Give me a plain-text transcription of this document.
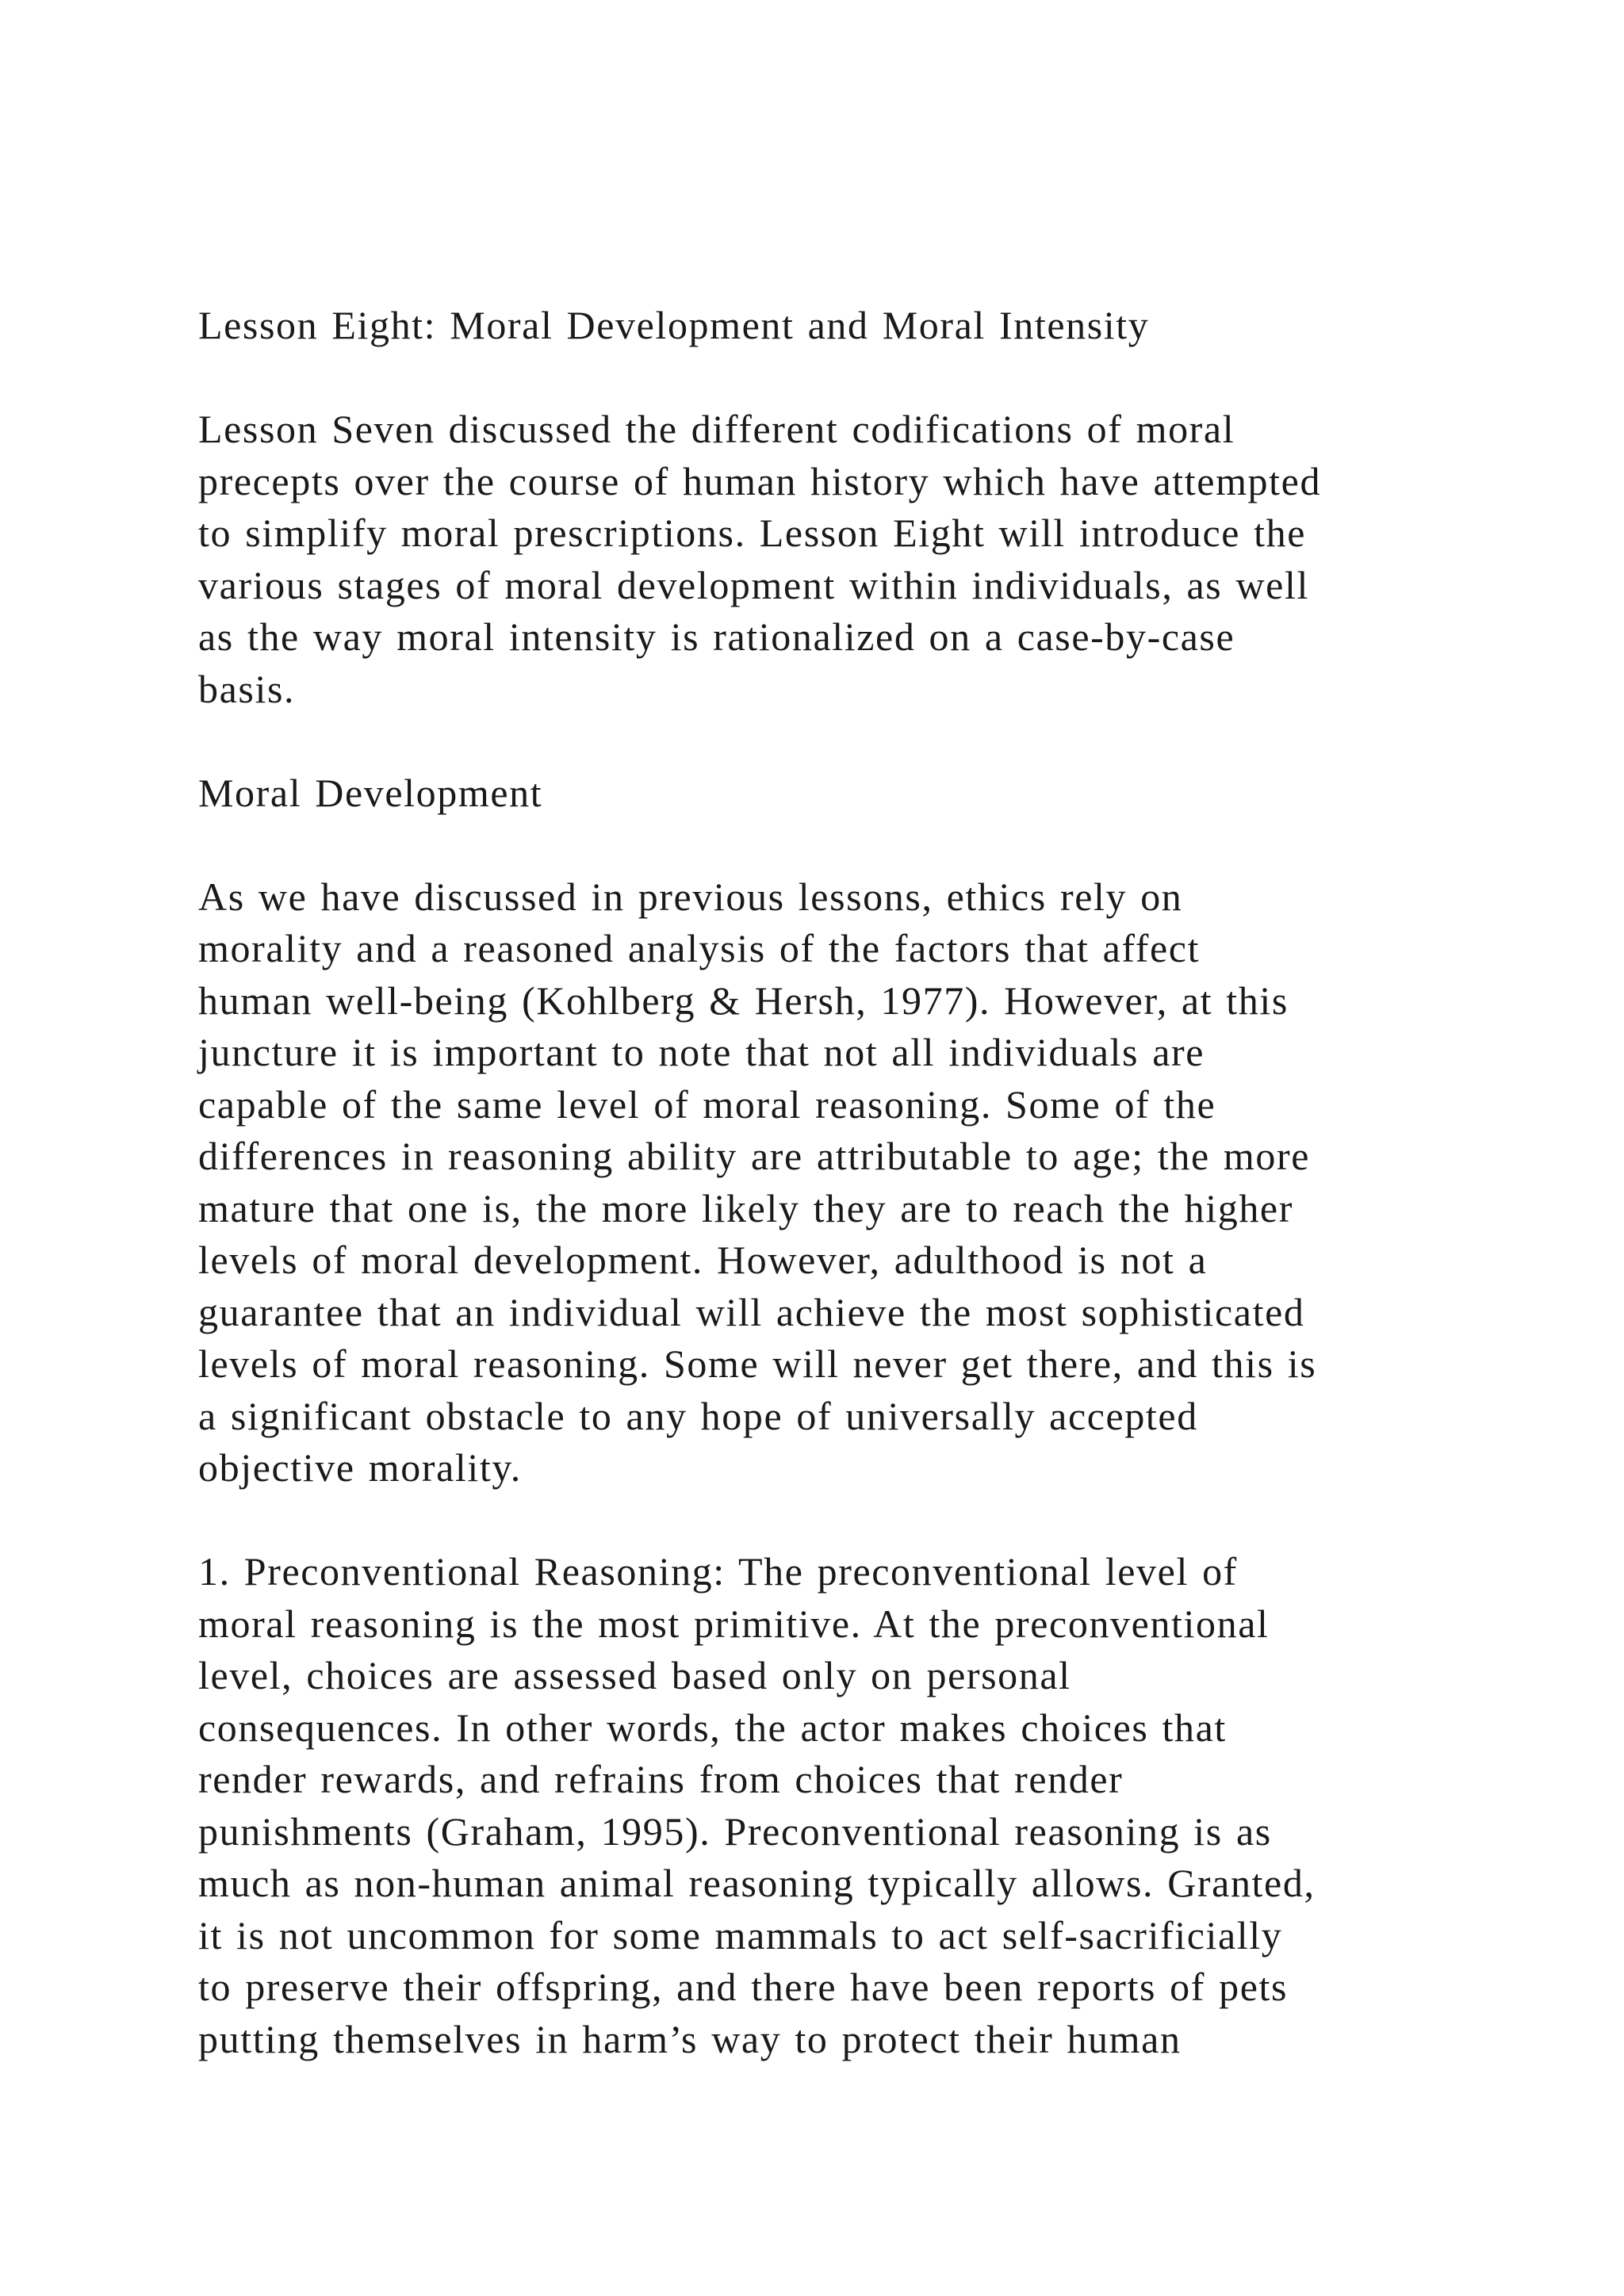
Lesson Eight: Moral Development and Moral Intensity
Lesson Seven discussed the different codifications of moral
precepts over the course of human history which have attempted
to simplify moral prescriptions. Lesson Eight will introduce the
various stages of moral development within individuals, as well
as the way moral intensity is rationalized on a case-by-case
basis.
Moral Development
As we have discussed in previous lessons, ethics rely on
morality and a reasoned analysis of the factors that affect
human well-being (Kohlberg & Hersh, 1977). However, at this
juncture it is important to note that not all individuals are
capable of the same level of moral reasoning. Some of the
differences in reasoning ability are attributable to age; the more
mature that one is, the more likely they are to reach the higher
levels of moral development. However, adulthood is not a
guarantee that an individual will achieve the most sophisticated
levels of moral reasoning. Some will never get there, and this is
a significant obstacle to any hope of universally accepted
objective morality.
1. Preconventional Reasoning: The preconventional level of
moral reasoning is the most primitive. At the preconventional
level, choices are assessed based only on personal
consequences. In other words, the actor makes choices that
render rewards, and refrains from choices that render
punishments (Graham, 1995). Preconventional reasoning is as
much as non-human animal reasoning typically allows. Granted,
it is not uncommon for some mammals to act self-sacrificially
to preserve their offspring, and there have been reports of pets
putting themselves in harm’s way to protect their human
